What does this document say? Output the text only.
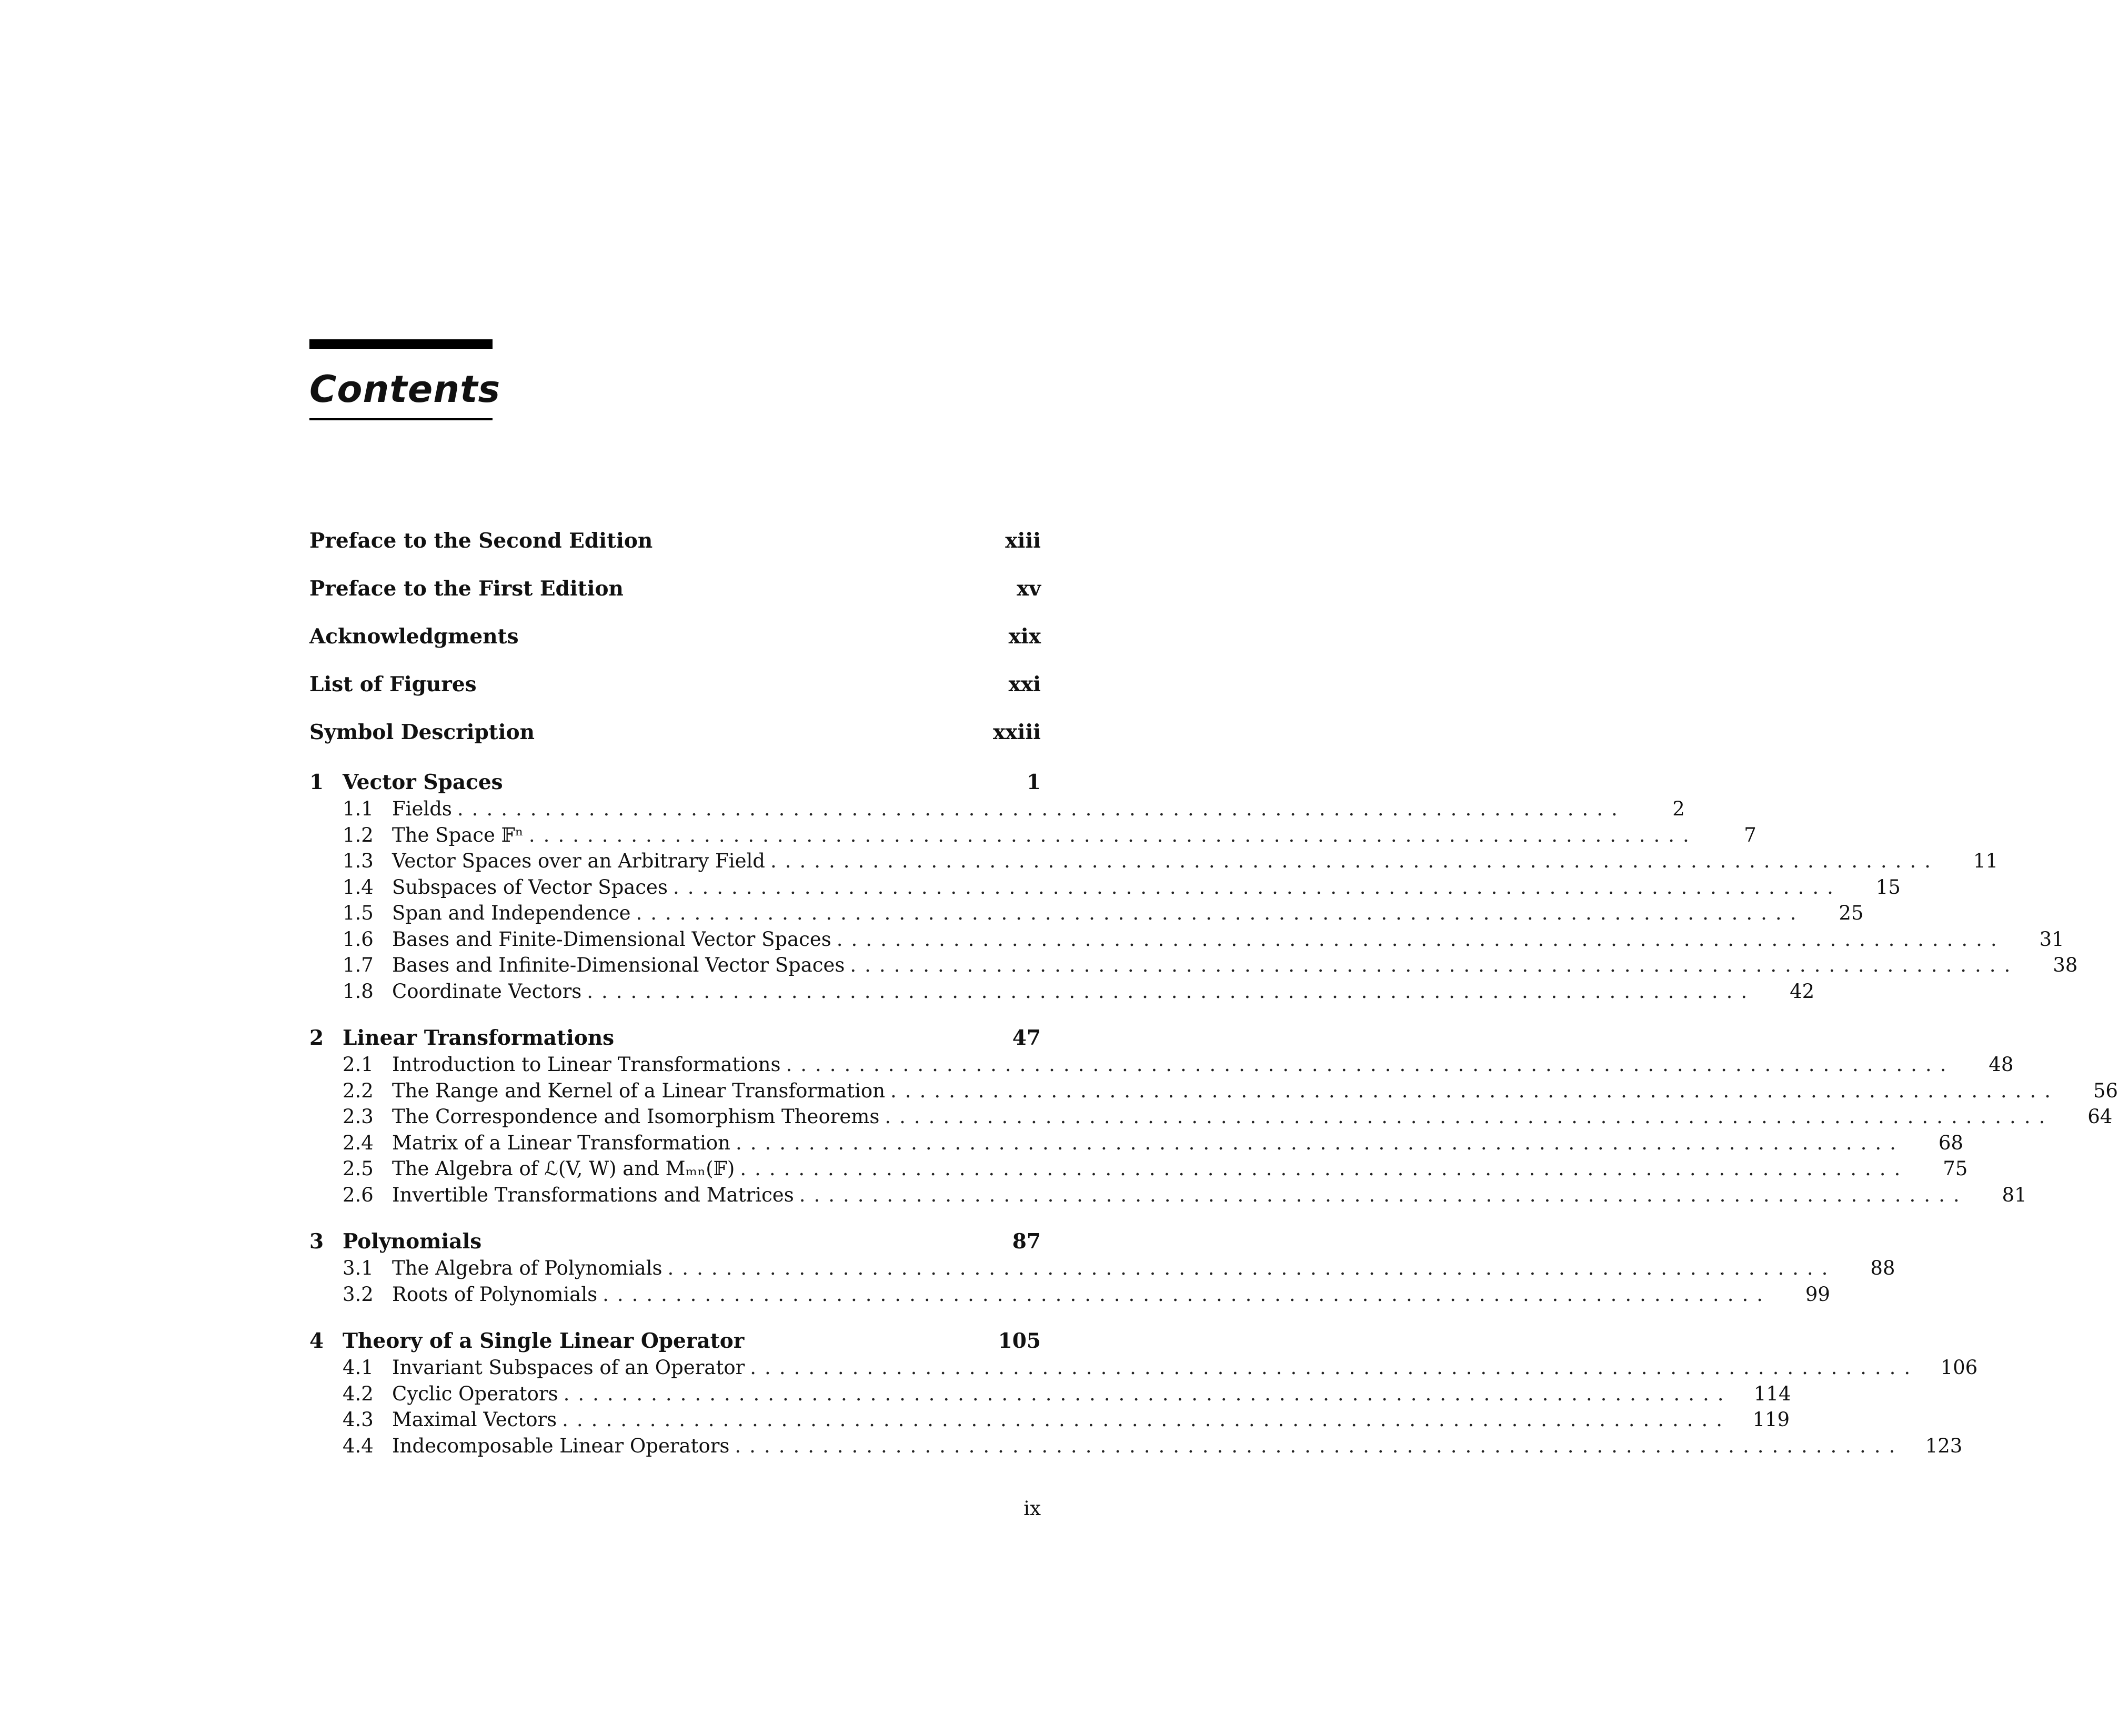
Contents
Preface to the Second Edition	xiii
Preface to the First Edition	xv
Acknowledgments	xix
List of Figures	xxi
Symbol Description	xxiii
1 Vector Spaces	1
1.1 Fields ................................................................................	2
1.2 The Space 𝔽ⁿ ................................................................................	7
1.3 Vector Spaces over an Arbitrary Field ................................................................................	11
1.4 Subspaces of Vector Spaces ................................................................................	15
1.5 Span and Independence ................................................................................	25
1.6 Bases and Finite-Dimensional Vector Spaces ................................................................................	31
1.7 Bases and Infinite-Dimensional Vector Spaces ................................................................................	38
1.8 Coordinate Vectors ................................................................................	42
2 Linear Transformations	47
2.1 Introduction to Linear Transformations ................................................................................	48
2.2 The Range and Kernel of a Linear Transformation ................................................................................	56
2.3 The Correspondence and Isomorphism Theorems ................................................................................	64
2.4 Matrix of a Linear Transformation ................................................................................	68
2.5 The Algebra of ℒ(V, W) and Mₘₙ(𝔽) ................................................................................	75
2.6 Invertible Transformations and Matrices ................................................................................	81
3 Polynomials	87
3.1 The Algebra of Polynomials ................................................................................	88
3.2 Roots of Polynomials ................................................................................	99
4 Theory of a Single Linear Operator	105
4.1 Invariant Subspaces of an Operator ................................................................................	106
4.2 Cyclic Operators ................................................................................	114
4.3 Maximal Vectors ................................................................................	119
4.4 Indecomposable Linear Operators ................................................................................	123
ix
